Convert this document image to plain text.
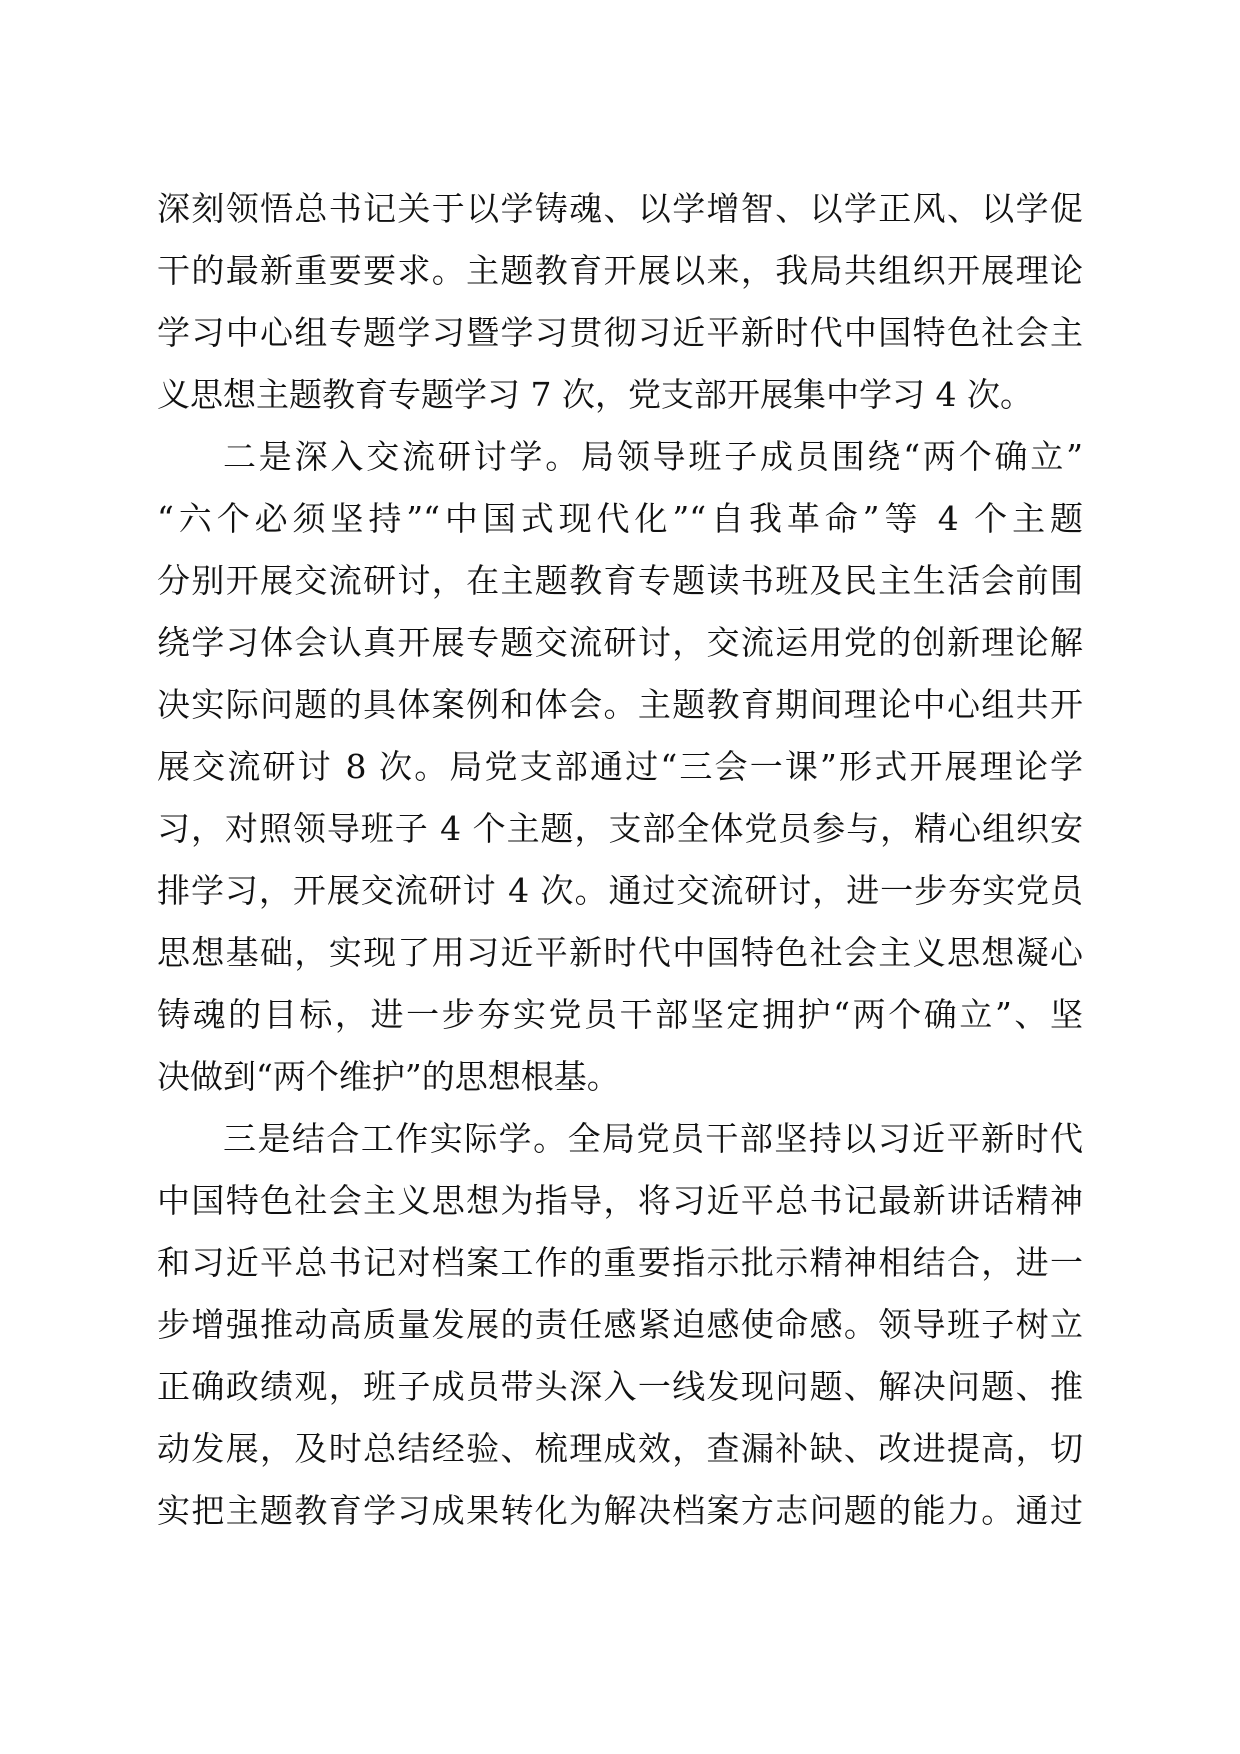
深刻领悟总书记关于以学铸魂、以学增智、以学正风、以学促
干的最新重要要求。主题教育开展以来，我局共组织开展理论
学习中心组专题学习暨学习贯彻习近平新时代中国特色社会主
义思想主题教育专题学习 7 次，党支部开展集中学习 4 次。
二是深入交流研讨学。局领导班子成员围绕“两个确立”
“六个必须坚持”“中国式现代化”“自我革命”等 4 个主题
分别开展交流研讨，在主题教育专题读书班及民主生活会前围
绕学习体会认真开展专题交流研讨，交流运用党的创新理论解
决实际问题的具体案例和体会。主题教育期间理论中心组共开
展交流研讨 8 次。局党支部通过“三会一课”形式开展理论学
习，对照领导班子 4 个主题，支部全体党员参与，精心组织安
排学习，开展交流研讨 4 次。通过交流研讨，进一步夯实党员
思想基础，实现了用习近平新时代中国特色社会主义思想凝心
铸魂的目标，进一步夯实党员干部坚定拥护“两个确立”、坚
决做到“两个维护”的思想根基。
三是结合工作实际学。全局党员干部坚持以习近平新时代
中国特色社会主义思想为指导，将习近平总书记最新讲话精神
和习近平总书记对档案工作的重要指示批示精神相结合，进一
步增强推动高质量发展的责任感紧迫感使命感。领导班子树立
正确政绩观，班子成员带头深入一线发现问题、解决问题、推
动发展，及时总结经验、梳理成效，查漏补缺、改进提高，切
实把主题教育学习成果转化为解决档案方志问题的能力。通过
